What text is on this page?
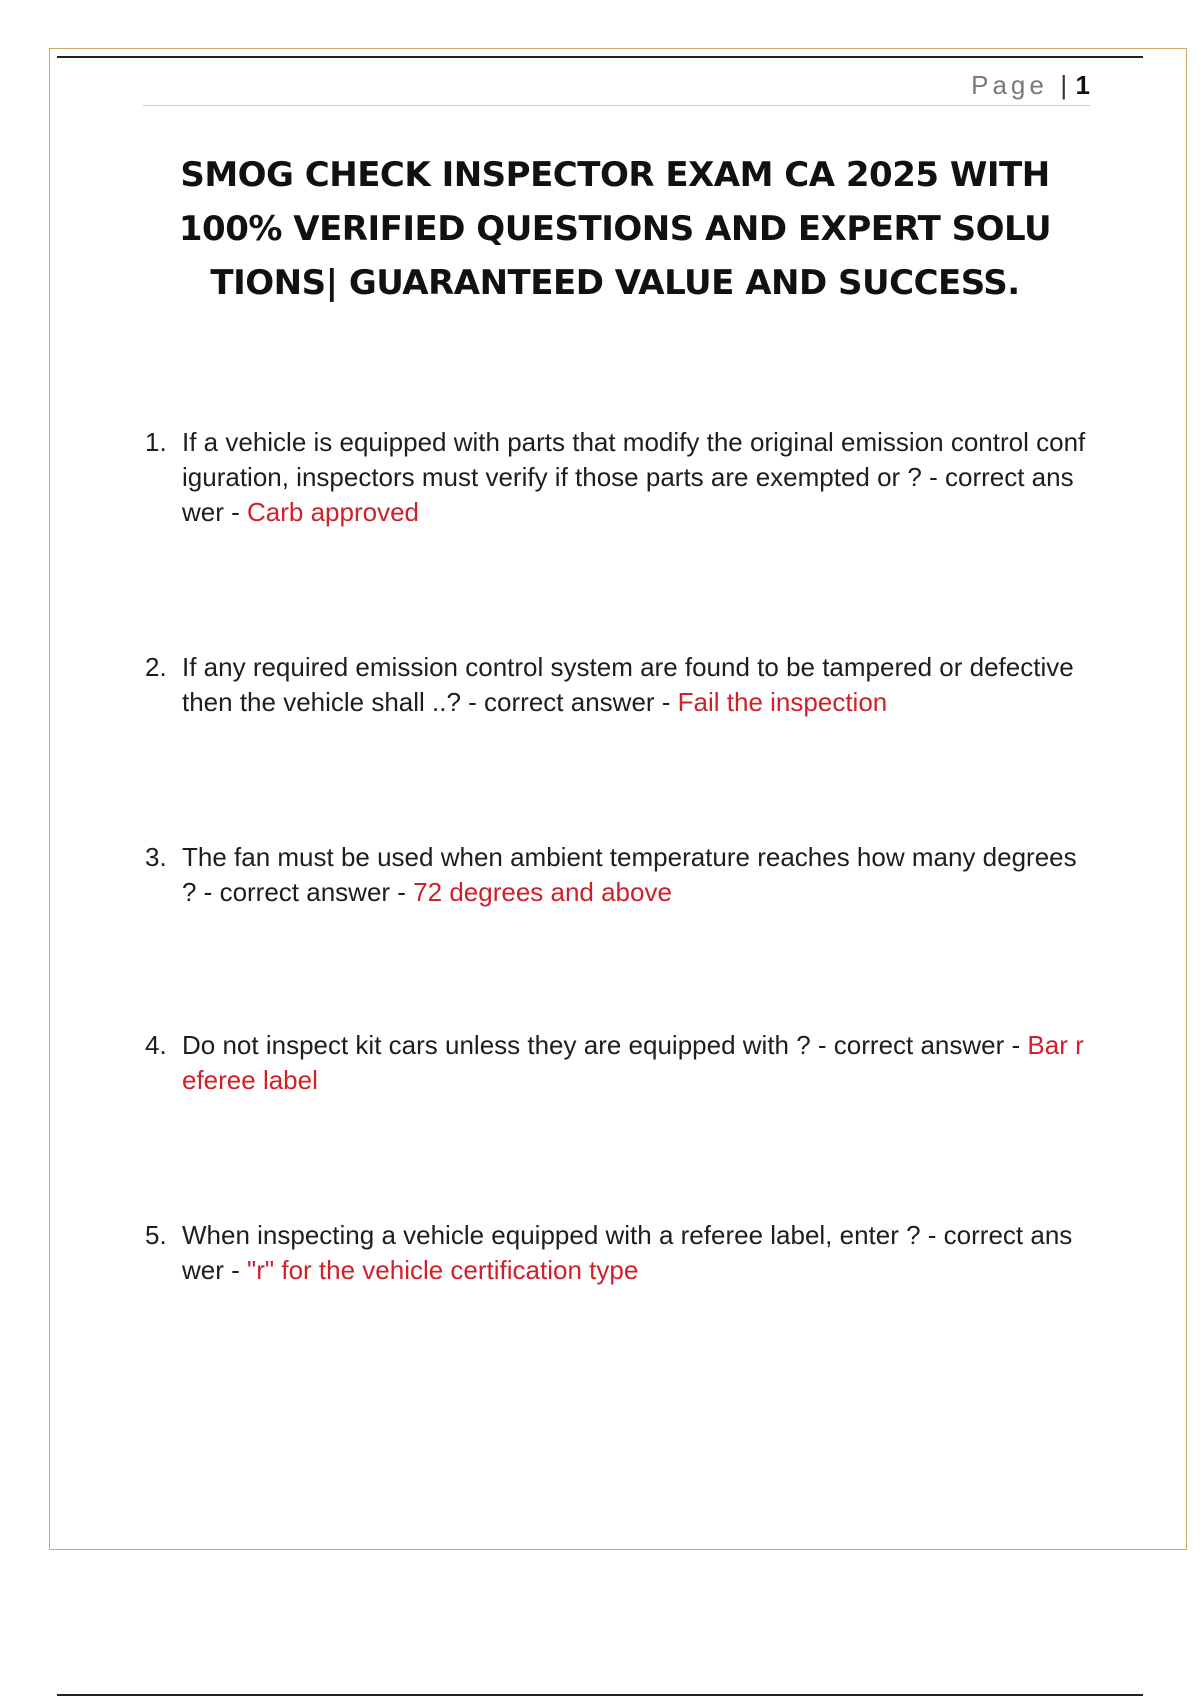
Page | 1
SMOG CHECK INSPECTOR EXAM CA 2025 WITH 100% VERIFIED QUESTIONS AND EXPERT SOLUTIONS| GUARANTEED VALUE AND SUCCESS.
1. If a vehicle is equipped with parts that modify the original emission control configuration, inspectors must verify if those parts are exempted or ? - correct answer - Carb approved
2. If any required emission control system are found to be tampered or defective then the vehicle shall ..? - correct answer - Fail the inspection
3. The fan must be used when ambient temperature reaches how many degrees ? - correct answer - 72 degrees and above
4. Do not inspect kit cars unless they are equipped with ? - correct answer - Bar referee label
5. When inspecting a vehicle equipped with a referee label, enter ? - correct answer - "r" for the vehicle certification type
